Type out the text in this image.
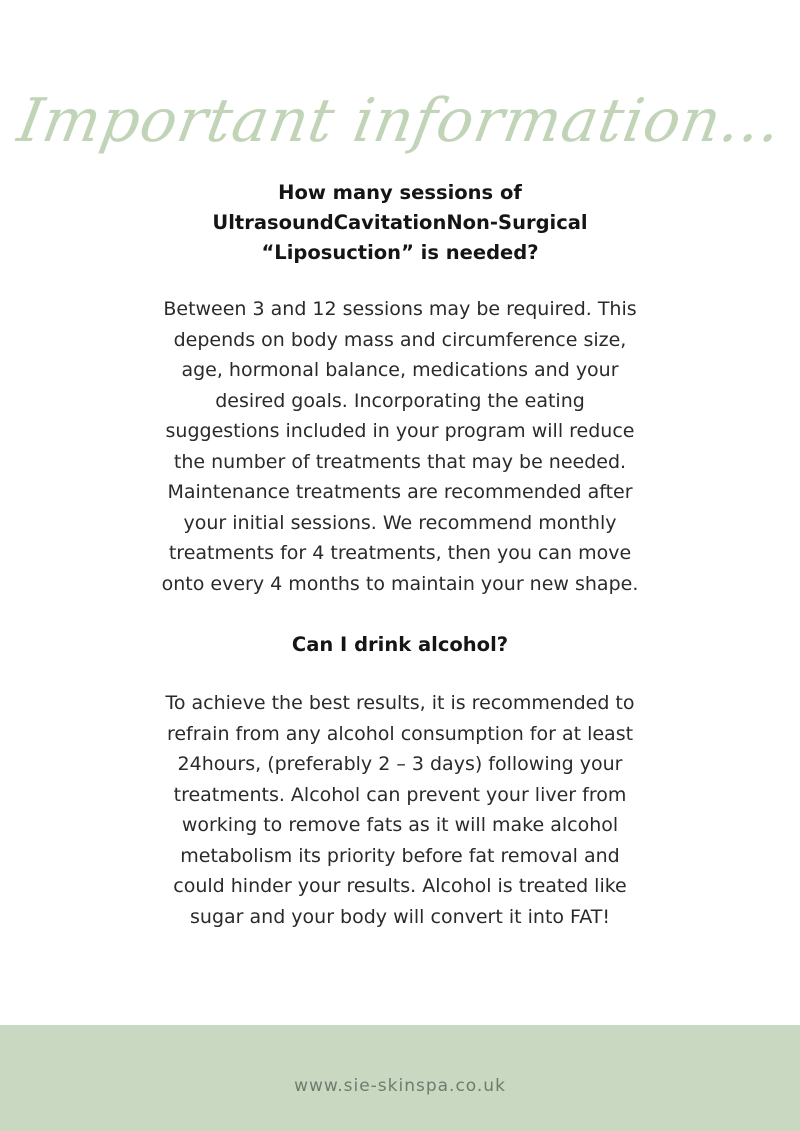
Important information...
How many sessions of
UltrasoundCavitationNon-Surgical
“Liposuction” is needed?
Between 3 and 12 sessions may be required. This
depends on body mass and circumference size,
age, hormonal balance, medications and your
desired goals. Incorporating the eating
suggestions included in your program will reduce
the number of treatments that may be needed.
Maintenance treatments are recommended after
your initial sessions. We recommend monthly
treatments for 4 treatments, then you can move
onto every 4 months to maintain your new shape.
Can I drink alcohol?
To achieve the best results, it is recommended to
refrain from any alcohol consumption for at least
24hours, (preferably 2 – 3 days) following your
treatments. Alcohol can prevent your liver from
working to remove fats as it will make alcohol
metabolism its priority before fat removal and
could hinder your results. Alcohol is treated like
sugar and your body will convert it into FAT!
www.sie-skinspa.co.uk
